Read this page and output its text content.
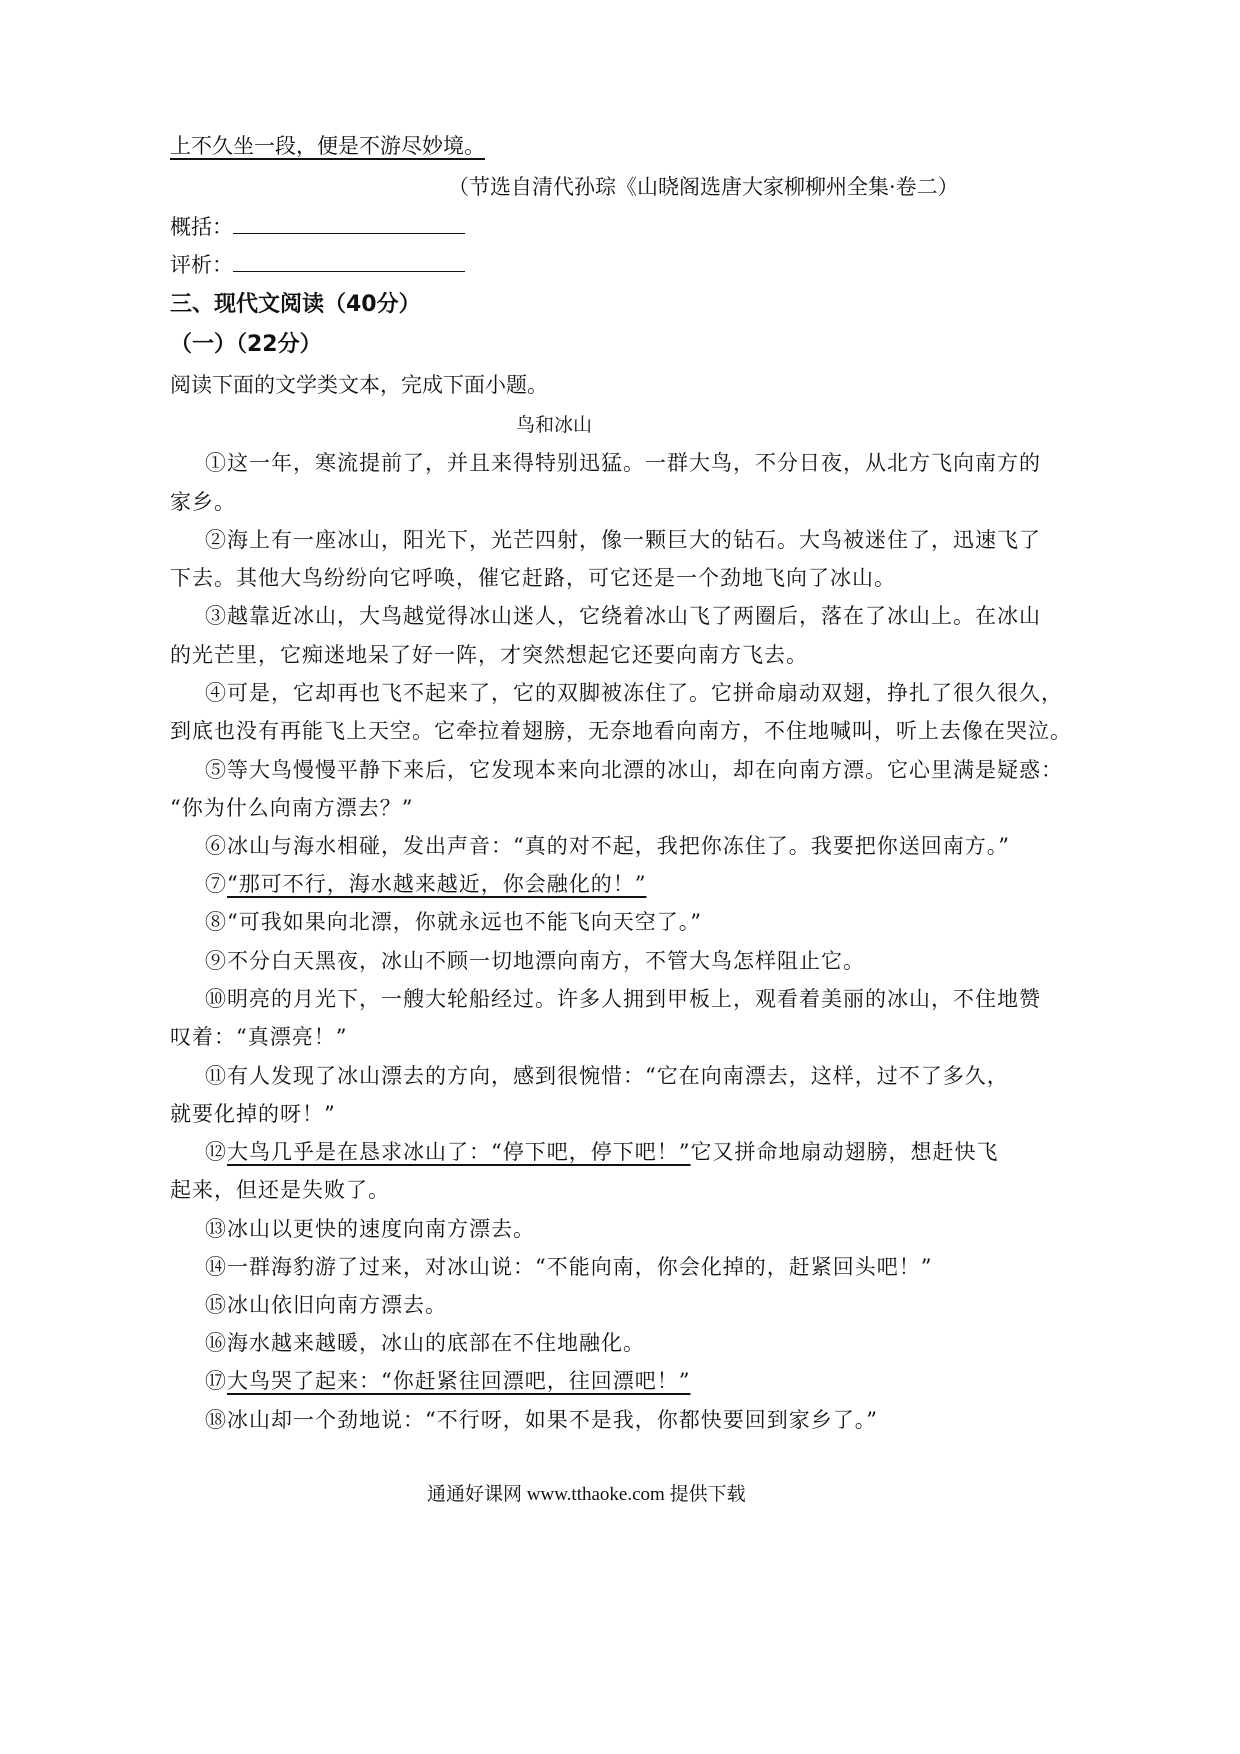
上不久坐一段，便是不游尽妙境。
（节选自清代孙琮《山晓阁选唐大家柳柳州全集·卷二）
概括：
评析：
三、现代文阅读（40分）
（一）（22分）
阅读下面的文学类文本，完成下面小题。
鸟和冰山
①这一年，寒流提前了，并且来得特别迅猛。一群大鸟，不分日夜，从北方飞向南方的
家乡。
②海上有一座冰山，阳光下，光芒四射，像一颗巨大的钻石。大鸟被迷住了，迅速飞了
下去。其他大鸟纷纷向它呼唤，催它赶路，可它还是一个劲地飞向了冰山。
③越靠近冰山，大鸟越觉得冰山迷人，它绕着冰山飞了两圈后，落在了冰山上。在冰山
的光芒里，它痴迷地呆了好一阵，才突然想起它还要向南方飞去。
④可是，它却再也飞不起来了，它的双脚被冻住了。它拼命扇动双翅，挣扎了很久很久，
到底也没有再能飞上天空。它牵拉着翅膀，无奈地看向南方，不住地喊叫，听上去像在哭泣。
⑤等大鸟慢慢平静下来后，它发现本来向北漂的冰山，却在向南方漂。它心里满是疑惑：
“你为什么向南方漂去？”
⑥冰山与海水相碰，发出声音：“真的对不起，我把你冻住了。我要把你送回南方。”
⑦“那可不行，海水越来越近，你会融化的！”
⑧“可我如果向北漂，你就永远也不能飞向天空了。”
⑨不分白天黑夜，冰山不顾一切地漂向南方，不管大鸟怎样阻止它。
⑩明亮的月光下，一艘大轮船经过。许多人拥到甲板上，观看着美丽的冰山，不住地赞
叹着：“真漂亮！”
⑪有人发现了冰山漂去的方向，感到很惋惜：“它在向南漂去，这样，过不了多久，
就要化掉的呀！”
⑫大鸟几乎是在恳求冰山了：“停下吧，停下吧！”它又拼命地扇动翅膀，想赶快飞
起来，但还是失败了。
⑬冰山以更快的速度向南方漂去。
⑭一群海豹游了过来，对冰山说：“不能向南，你会化掉的，赶紧回头吧！”
⑮冰山依旧向南方漂去。
⑯海水越来越暖，冰山的底部在不住地融化。
⑰大鸟哭了起来：“你赶紧往回漂吧，往回漂吧！”
⑱冰山却一个劲地说：“不行呀，如果不是我，你都快要回到家乡了。”
通通好课网 www.tthaoke.com 提供下载
